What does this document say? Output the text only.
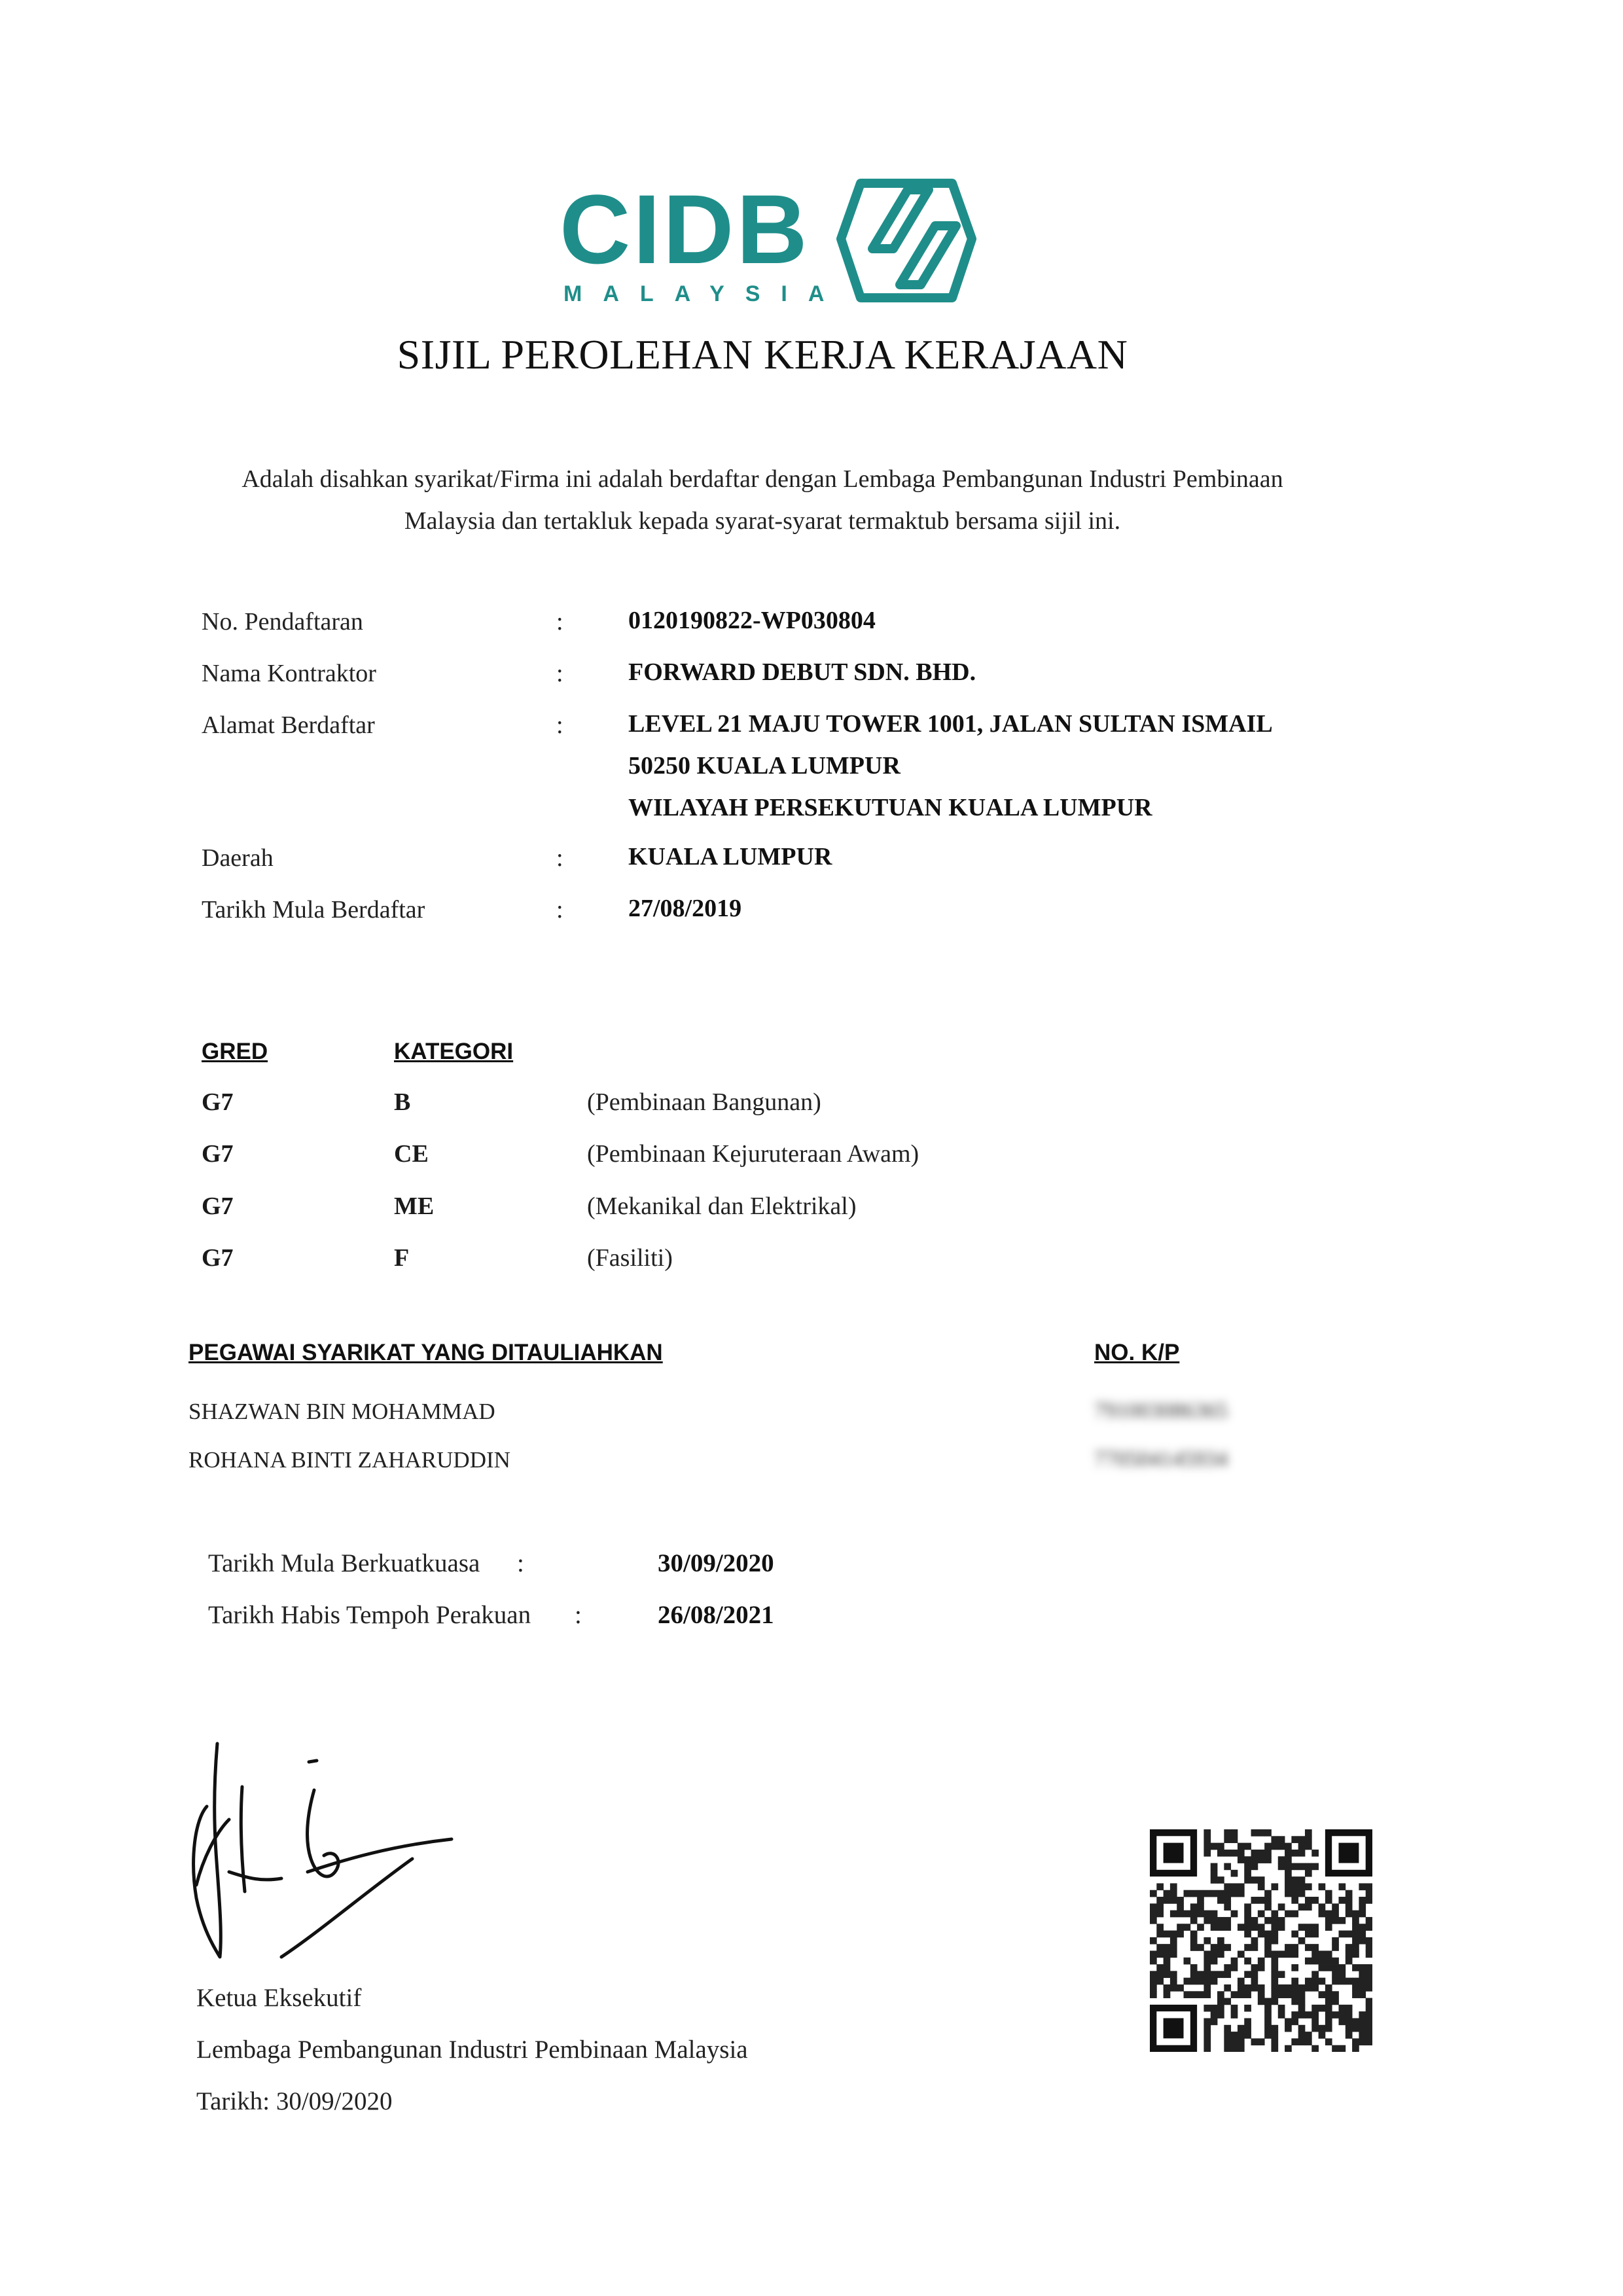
CIDB
MALAYSIA
SIJIL PEROLEHAN KERJA KERAJAAN
Adalah disahkan syarikat/Firma ini adalah berdaftar dengan Lembaga Pembangunan Industri Pembinaan
Malaysia dan tertakluk kepada syarat-syarat termaktub bersama sijil ini.
No. Pendaftaran	:	0120190822-WP030804
Nama Kontraktor	:	FORWARD DEBUT SDN. BHD.
Alamat Berdaftar	:	LEVEL 21 MAJU TOWER 1001, JALAN SULTAN ISMAIL
50250 KUALA LUMPUR
WILAYAH PERSEKUTUAN KUALA LUMPUR
Daerah	:	KUALA LUMPUR
Tarikh Mula Berdaftar	:	27/08/2019
GRED	KATEGORI
G7	B	(Pembinaan Bangunan)
G7	CE	(Pembinaan Kejuruteraan Awam)
G7	ME	(Mekanikal dan Elektrikal)
G7	F	(Fasiliti)
PEGAWAI SYARIKAT YANG DITAULIAHKAN	NO. K/P
SHAZWAN BIN MOHAMMAD	791003086365
ROHANA BINTI ZAHARUDDIN	770504145934
Tarikh Mula Berkuatkuasa :	30/09/2020
Tarikh Habis Tempoh Perakuan :	26/08/2021
Ketua Eksekutif
Lembaga Pembangunan Industri Pembinaan Malaysia
Tarikh: 30/09/2020
